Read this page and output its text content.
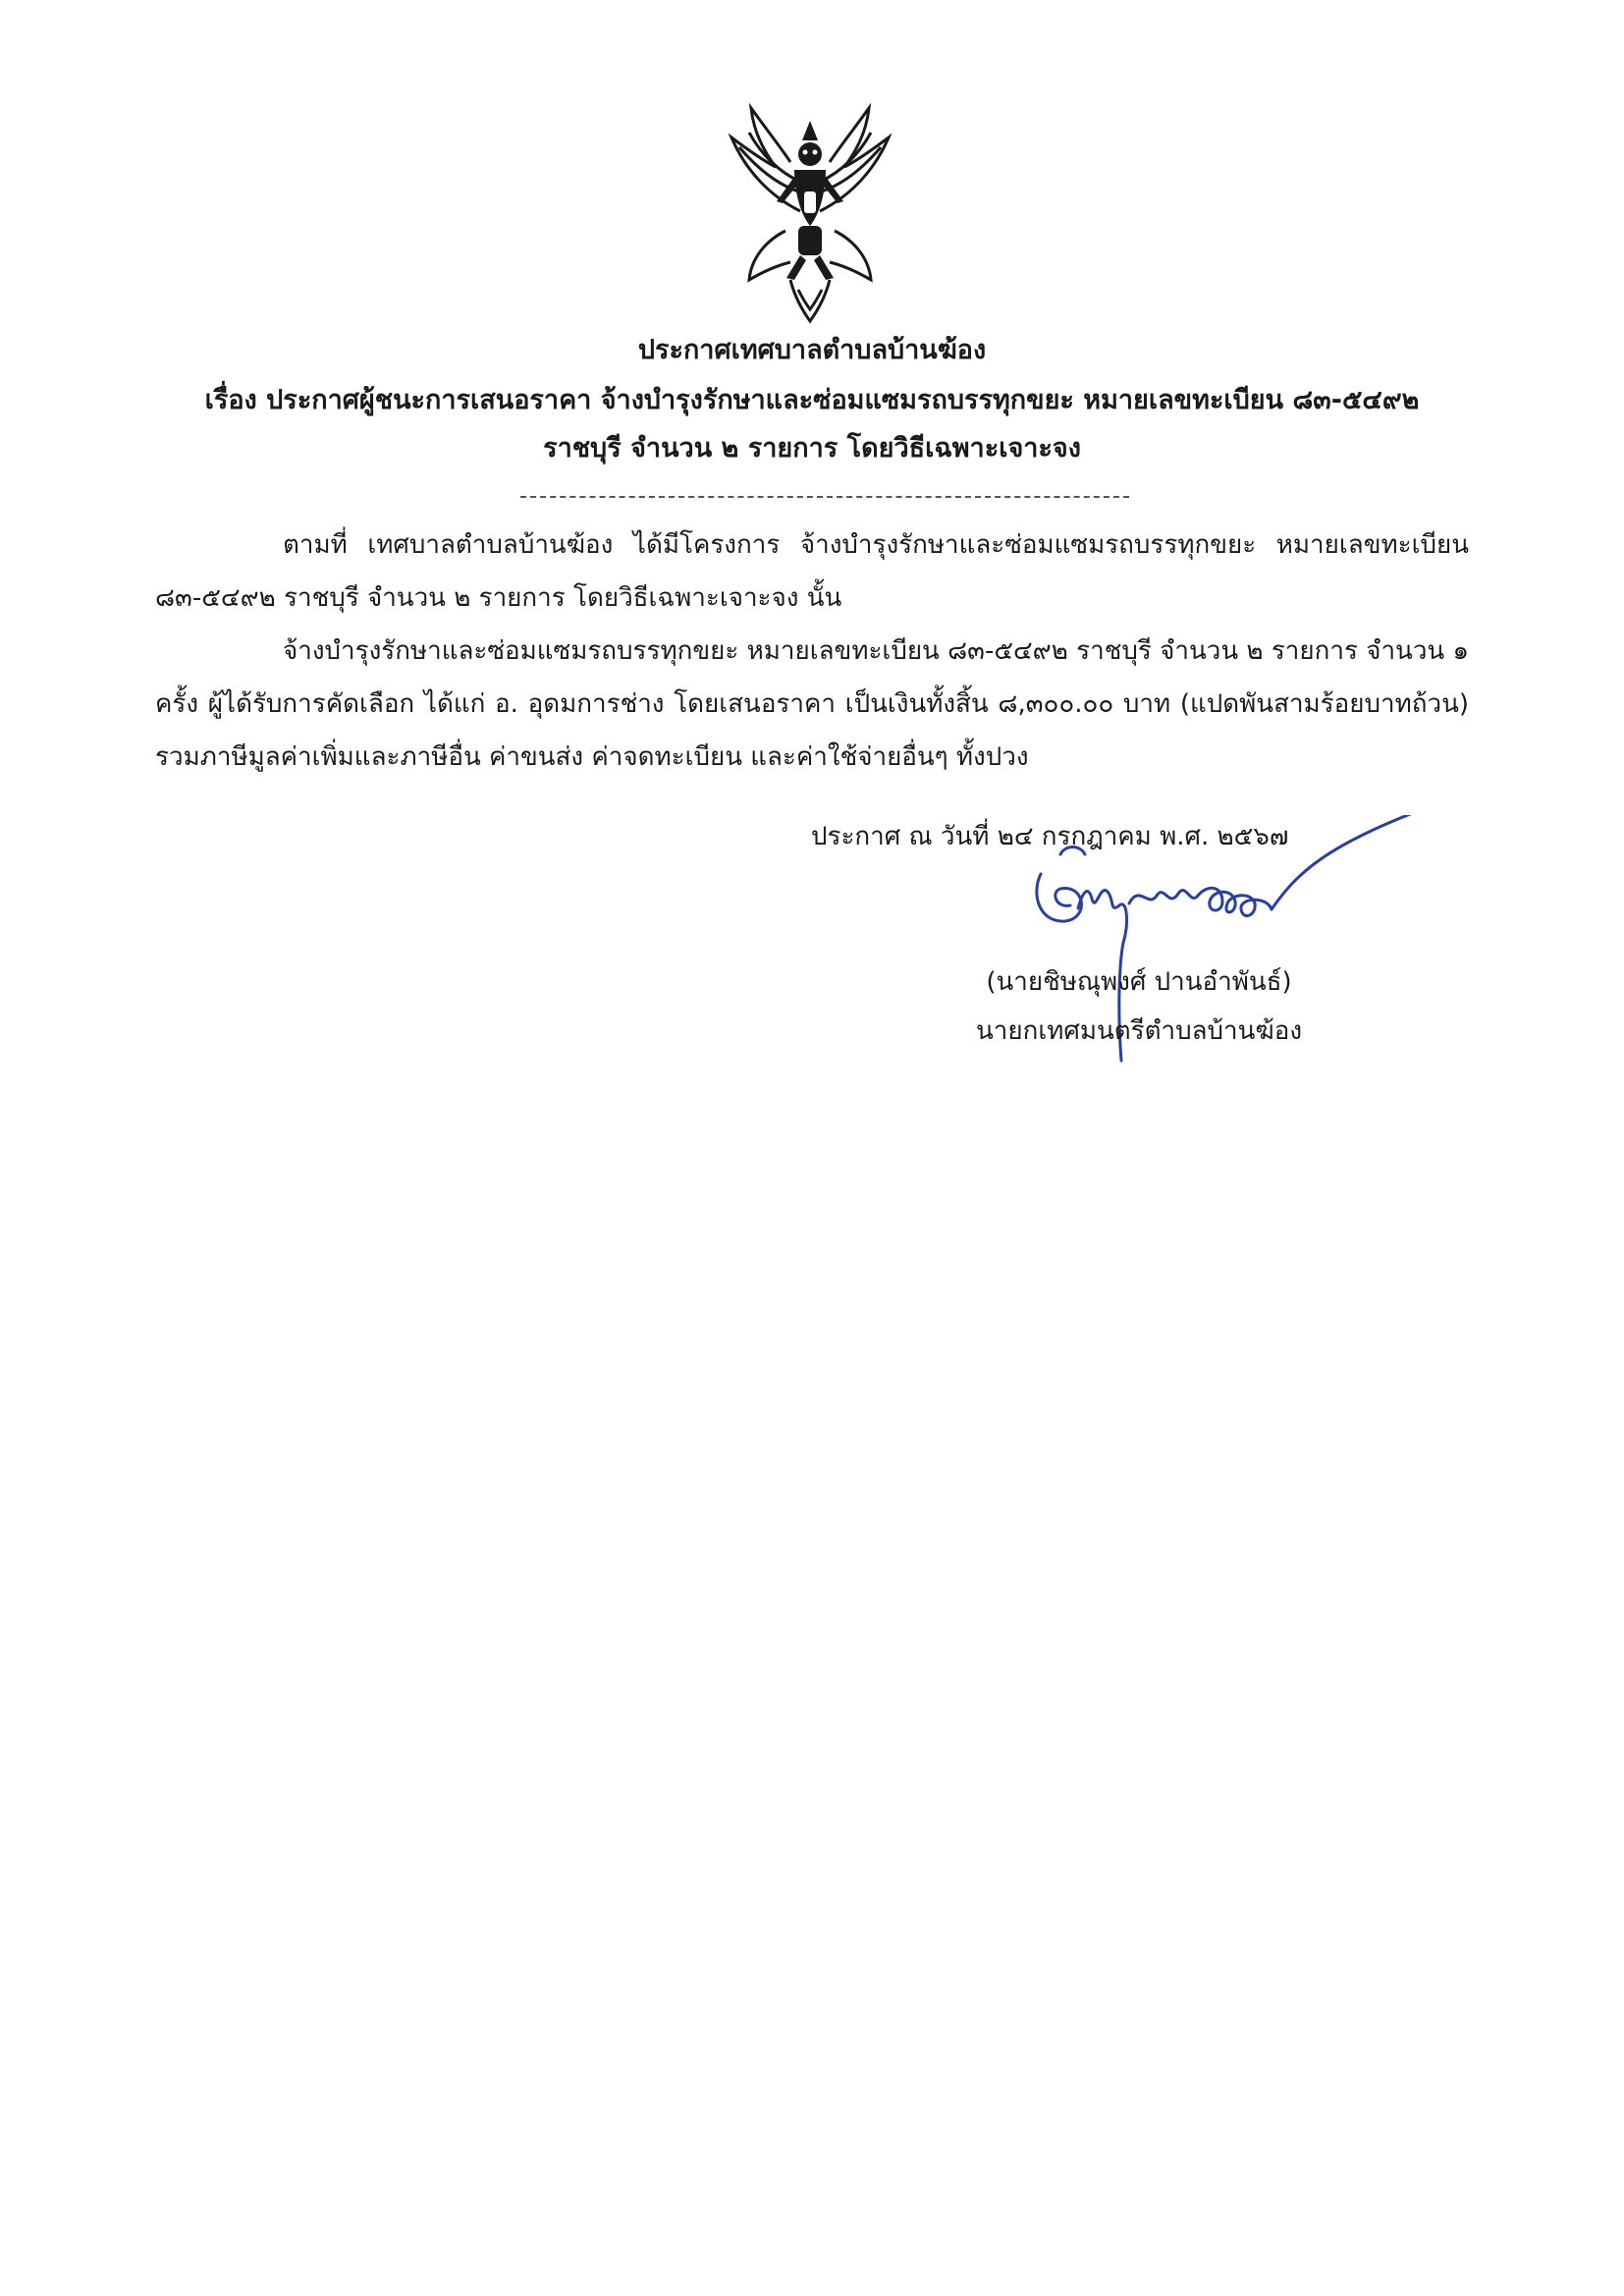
ประกาศเทศบาลตำบลบ้านฆ้อง
เรื่อง ประกาศผู้ชนะการเสนอราคา จ้างบำรุงรักษาและซ่อมแซมรถบรรทุกขยะ หมายเลขทะเบียน ๘๓-๕๔๙๒
ราชบุรี จำนวน ๒ รายการ โดยวิธีเฉพาะเจาะจง

ตามที่ เทศบาลตำบลบ้านฆ้อง ได้มีโครงการ จ้างบำรุงรักษาและซ่อมแซมรถบรรทุกขยะ หมายเลขทะเบียน ๘๓-๕๔๙๒ ราชบุรี จำนวน ๒ รายการ โดยวิธีเฉพาะเจาะจง นั้น

จ้างบำรุงรักษาและซ่อมแซมรถบรรทุกขยะ หมายเลขทะเบียน ๘๓-๕๔๙๒ ราชบุรี จำนวน ๒ รายการ จำนวน ๑ ครั้ง ผู้ได้รับการคัดเลือก ได้แก่ อ. อุดมการช่าง โดยเสนอราคา เป็นเงินทั้งสิ้น ๘,๓๐๐.๐๐ บาท (แปดพันสามร้อยบาทถ้วน) รวมภาษีมูลค่าเพิ่มและภาษีอื่น ค่าขนส่ง ค่าจดทะเบียน และค่าใช้จ่ายอื่นๆ ทั้งปวง

ประกาศ ณ วันที่ ๒๔ กรกฎาคม พ.ศ. ๒๕๖๗
(นายชิษณุพงศ์ ปานอำพันธ์)
นายกเทศมนตรีตำบลบ้านฆ้อง
